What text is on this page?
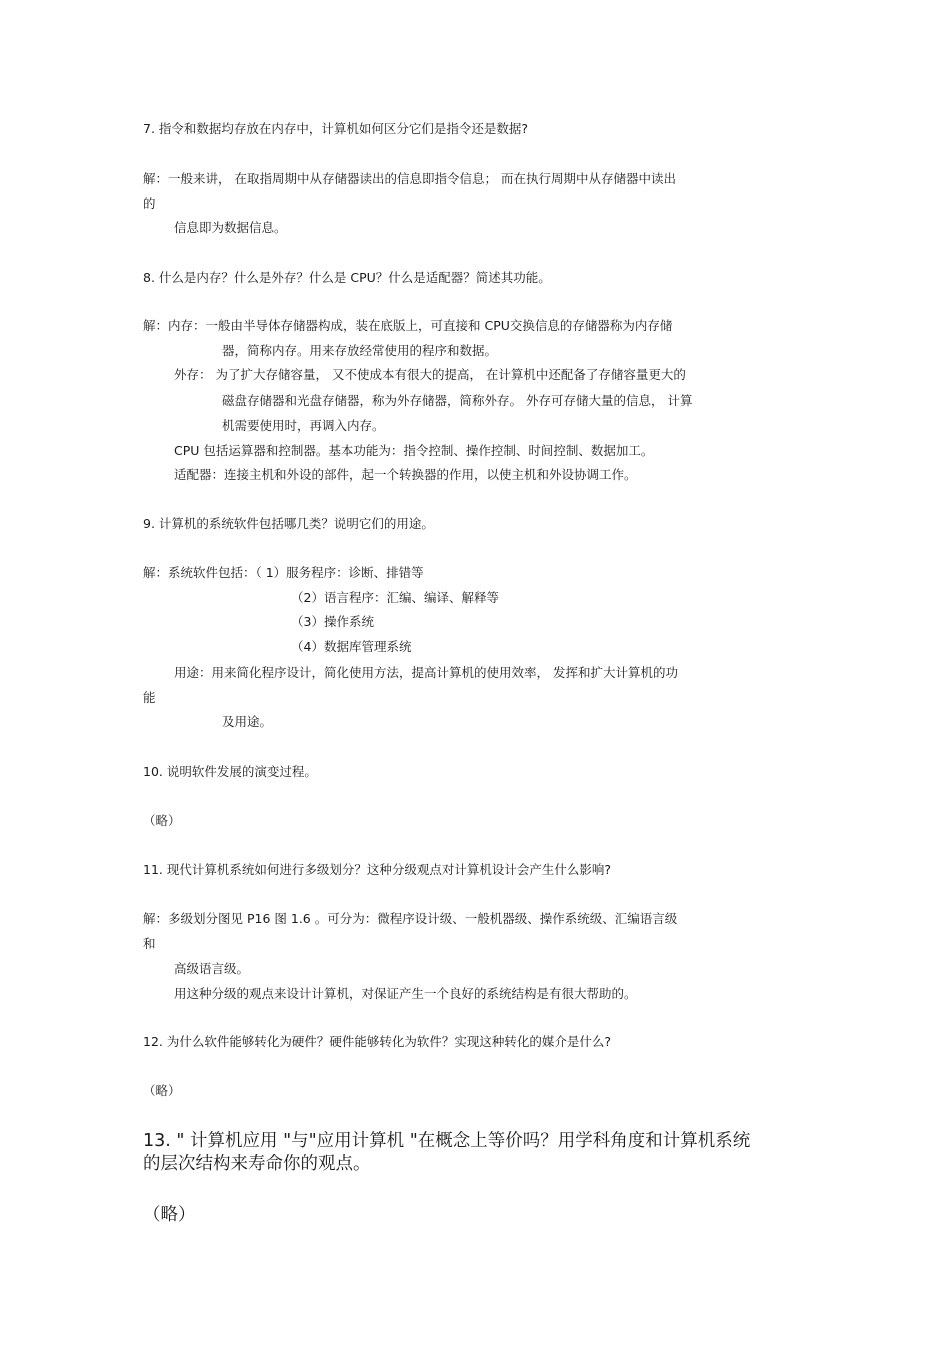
7. 指令和数据均存放在内存中，计算机如何区分它们是指令还是数据?
解：一般来讲， 在取指周期中从存储器读出的信息即指令信息； 而在执行周期中从存储器中读出
的
信息即为数据信息。
8. 什么是内存？什么是外存？什么是 CPU？什么是适配器？简述其功能。
解：内存：一般由半导体存储器构成，装在底版上，可直接和 CPU交换信息的存储器称为内存储
器，简称内存。用来存放经常使用的程序和数据。
外存： 为了扩大存储容量， 又不使成本有很大的提高， 在计算机中还配备了存储容量更大的
磁盘存储器和光盘存储器，称为外存储器，简称外存。 外存可存储大量的信息， 计算
机需要使用时，再调入内存。
CPU 包括运算器和控制器。基本功能为：指令控制、操作控制、时间控制、数据加工。
适配器：连接主机和外设的部件，起一个转换器的作用，以使主机和外设协调工作。
9. 计算机的系统软件包括哪几类？说明它们的用途。
解：系统软件包括：（ 1）服务程序：诊断、排错等
（2）语言程序：汇编、编译、解释等
（3）操作系统
（4）数据库管理系统
用途：用来简化程序设计，简化使用方法，提高计算机的使用效率， 发挥和扩大计算机的功
能
及用途。
10. 说明软件发展的演变过程。
（略）
11. 现代计算机系统如何进行多级划分？这种分级观点对计算机设计会产生什么影响?
解：多级划分图见 P16 图 1.6 。可分为：微程序设计级、一般机器级、操作系统级、汇编语言级
和
高级语言级。
用这种分级的观点来设计计算机，对保证产生一个良好的系统结构是有很大帮助的。
12. 为什么软件能够转化为硬件？硬件能够转化为软件？实现这种转化的媒介是什么?
（略）
13. " 计算机应用 "与"应用计算机 "在概念上等价吗？用学科角度和计算机系统
的层次结构来寿命你的观点。
（略）
